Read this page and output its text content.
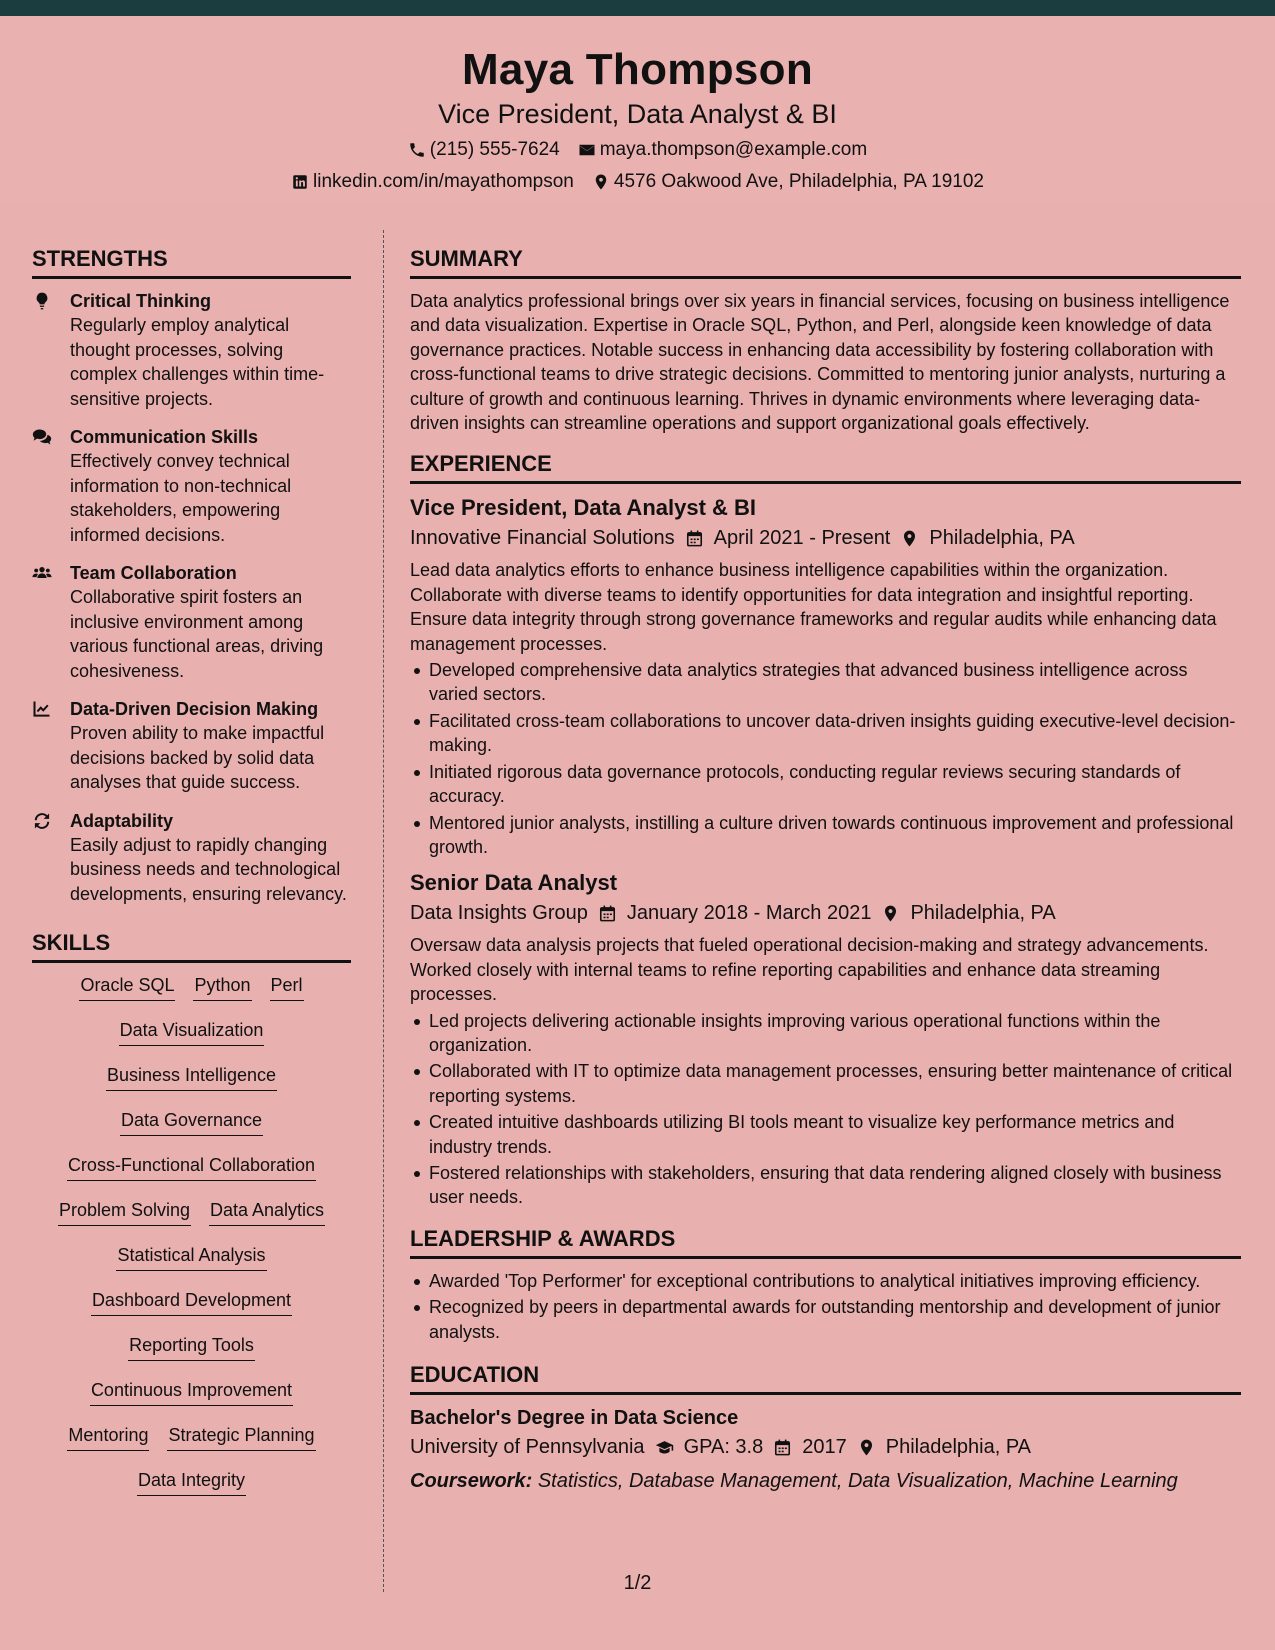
Maya Thompson
Vice President, Data Analyst & BI
(215) 555-7624 maya.thompson@example.com
linkedin.com/in/mayathompson 4576 Oakwood Ave, Philadelphia, PA 19102
STRENGTHS
Critical Thinking
Regularly employ analytical thought processes, solving complex challenges within time-sensitive projects.
Communication Skills
Effectively convey technical information to non-technical stakeholders, empowering informed decisions.
Team Collaboration
Collaborative spirit fosters an inclusive environment among various functional areas, driving cohesiveness.
Data-Driven Decision Making
Proven ability to make impactful decisions backed by solid data analyses that guide success.
Adaptability
Easily adjust to rapidly changing business needs and technological developments, ensuring relevancy.
SKILLS
Oracle SQL Python Perl
Data Visualization
Business Intelligence
Data Governance
Cross-Functional Collaboration
Problem Solving Data Analytics
Statistical Analysis
Dashboard Development
Reporting Tools
Continuous Improvement
Mentoring Strategic Planning
Data Integrity
SUMMARY
Data analytics professional brings over six years in financial services, focusing on business intelligence and data visualization. Expertise in Oracle SQL, Python, and Perl, alongside keen knowledge of data governance practices. Notable success in enhancing data accessibility by fostering collaboration with cross-functional teams to drive strategic decisions. Committed to mentoring junior analysts, nurturing a culture of growth and continuous learning. Thrives in dynamic environments where leveraging data-driven insights can streamline operations and support organizational goals effectively.
EXPERIENCE
Vice President, Data Analyst & BI
Innovative Financial Solutions April 2021 - Present Philadelphia, PA
Lead data analytics efforts to enhance business intelligence capabilities within the organization. Collaborate with diverse teams to identify opportunities for data integration and insightful reporting. Ensure data integrity through strong governance frameworks and regular audits while enhancing data management processes.
Developed comprehensive data analytics strategies that advanced business intelligence across varied sectors.
Facilitated cross-team collaborations to uncover data-driven insights guiding executive-level decision-making.
Initiated rigorous data governance protocols, conducting regular reviews securing standards of accuracy.
Mentored junior analysts, instilling a culture driven towards continuous improvement and professional growth.
Senior Data Analyst
Data Insights Group January 2018 - March 2021 Philadelphia, PA
Oversaw data analysis projects that fueled operational decision-making and strategy advancements. Worked closely with internal teams to refine reporting capabilities and enhance data streaming processes.
Led projects delivering actionable insights improving various operational functions within the organization.
Collaborated with IT to optimize data management processes, ensuring better maintenance of critical reporting systems.
Created intuitive dashboards utilizing BI tools meant to visualize key performance metrics and industry trends.
Fostered relationships with stakeholders, ensuring that data rendering aligned closely with business user needs.
LEADERSHIP & AWARDS
Awarded 'Top Performer' for exceptional contributions to analytical initiatives improving efficiency.
Recognized by peers in departmental awards for outstanding mentorship and development of junior analysts.
EDUCATION
Bachelor's Degree in Data Science
University of Pennsylvania GPA: 3.8 2017 Philadelphia, PA
Coursework: Statistics, Database Management, Data Visualization, Machine Learning
1/2
